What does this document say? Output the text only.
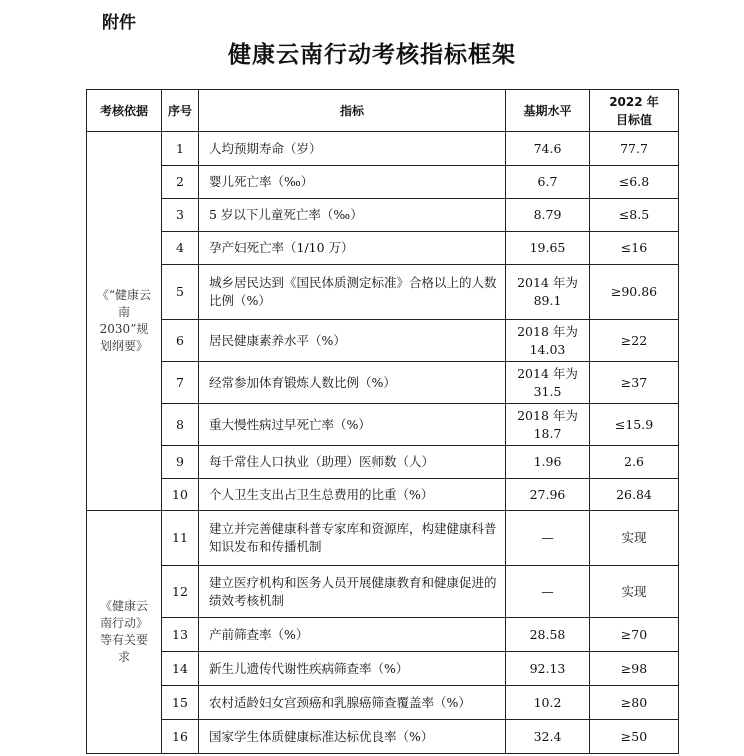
附件
健康云南行动考核指标框架
考核依据	序号	指标	基期水平	2022 年目标值
《“健康云南2030”规划纲要》	1	人均预期寿命（岁）	74.6	77.7
	2	婴儿死亡率（‰）	6.7	≤6.8
	3	5 岁以下儿童死亡率（‰）	8.79	≤8.5
	4	孕产妇死亡率（1/10 万）	19.65	≤16
	5	城乡居民达到《国民体质测定标准》合格以上的人数比例（%）	2014 年为 89.1	≥90.86
	6	居民健康素养水平（%）	2018 年为 14.03	≥22
	7	经常参加体育锻炼人数比例（%）	2014 年为 31.5	≥37
	8	重大慢性病过早死亡率（%）	2018 年为 18.7	≤15.9
	9	每千常住人口执业（助理）医师数（人）	1.96	2.6
	10	个人卫生支出占卫生总费用的比重（%）	27.96	26.84
《健康云南行动》等有关要求	11	建立并完善健康科普专家库和资源库，构建健康科普知识发布和传播机制	—	实现
	12	建立医疗机构和医务人员开展健康教育和健康促进的绩效考核机制	—	实现
	13	产前筛查率（%）	28.58	≥70
	14	新生儿遗传代谢性疾病筛查率（%）	92.13	≥98
	15	农村适龄妇女宫颈癌和乳腺癌筛查覆盖率（%）	10.2	≥80
	16	国家学生体质健康标准达标优良率（%）	32.4	≥50
